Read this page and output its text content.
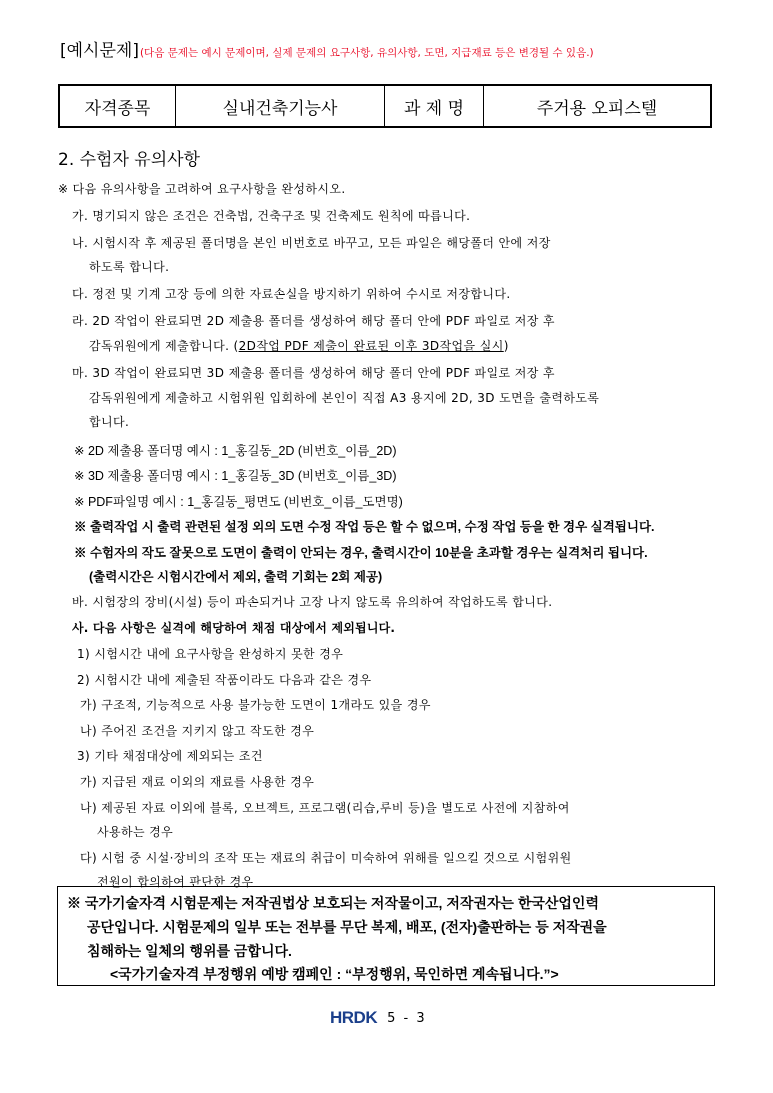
[예시문제](다음 문제는 예시 문제이며, 실제 문제의 요구사항, 유의사항, 도면, 지급재료 등은 변경될 수 있음.)
자격종목	실내건축기능사	과 제 명	주거용 오피스텔
2. 수험자 유의사항
※ 다음 유의사항을 고려하여 요구사항을 완성하시오.
가. 명기되지 않은 조건은 건축법, 건축구조 및 건축제도 원칙에 따릅니다.
나. 시험시작 후 제공된 폴더명을 본인 비번호로 바꾸고, 모든 파일은 해당폴더 안에 저장
하도록 합니다.
다. 정전 및 기계 고장 등에 의한 자료손실을 방지하기 위하여 수시로 저장합니다.
라. 2D 작업이 완료되면 2D 제출용 폴더를 생성하여 해당 폴더 안에 PDF 파일로 저장 후
감독위원에게 제출합니다. (2D작업 PDF 제출이 완료된 이후 3D작업을 실시)
마. 3D 작업이 완료되면 3D 제출용 폴더를 생성하여 해당 폴더 안에 PDF 파일로 저장 후
감독위원에게 제출하고 시험위원 입회하에 본인이 직접 A3 용지에 2D, 3D 도면을 출력하도록
합니다.
※ 2D 제출용 폴더명 예시 : 1_홍길동_2D (비번호_이름_2D)
※ 3D 제출용 폴더명 예시 : 1_홍길동_3D (비번호_이름_3D)
※ PDF파일명 예시 : 1_홍길동_평면도 (비번호_이름_도면명)
※ 출력작업 시 출력 관련된 설정 외의 도면 수정 작업 등은 할 수 없으며, 수정 작업 등을 한 경우 실격됩니다.
※ 수험자의 작도 잘못으로 도면이 출력이 안되는 경우, 출력시간이 10분을 초과할 경우는 실격처리 됩니다.
(출력시간은 시험시간에서 제외, 출력 기회는 2회 제공)
바. 시험장의 장비(시설) 등이 파손되거나 고장 나지 않도록 유의하여 작업하도록 합니다.
사. 다음 사항은 실격에 해당하여 채점 대상에서 제외됩니다.
1) 시험시간 내에 요구사항을 완성하지 못한 경우
2) 시험시간 내에 제출된 작품이라도 다음과 같은 경우
가) 구조적, 기능적으로 사용 불가능한 도면이 1개라도 있을 경우
나) 주어진 조건을 지키지 않고 작도한 경우
3) 기타 채점대상에 제외되는 조건
가) 지급된 재료 이외의 재료를 사용한 경우
나) 제공된 자료 이외에 블록, 오브젝트, 프로그램(리습,루비 등)을 별도로 사전에 지참하여
사용하는 경우
다) 시험 중 시설·장비의 조작 또는 재료의 취급이 미숙하여 위해를 일으킬 것으로 시험위원
전원이 합의하여 판단한 경우
※ 국가기술자격 시험문제는 저작권법상 보호되는 저작물이고, 저작권자는 한국산업인력
공단입니다. 시험문제의 일부 또는 전부를 무단 복제, 배포, (전자)출판하는 등 저작권을
침해하는 일체의 행위를 금합니다.
<국가기술자격 부정행위 예방 캠페인 : “부정행위, 묵인하면 계속됩니다.”>
HRDK 5 - 3
